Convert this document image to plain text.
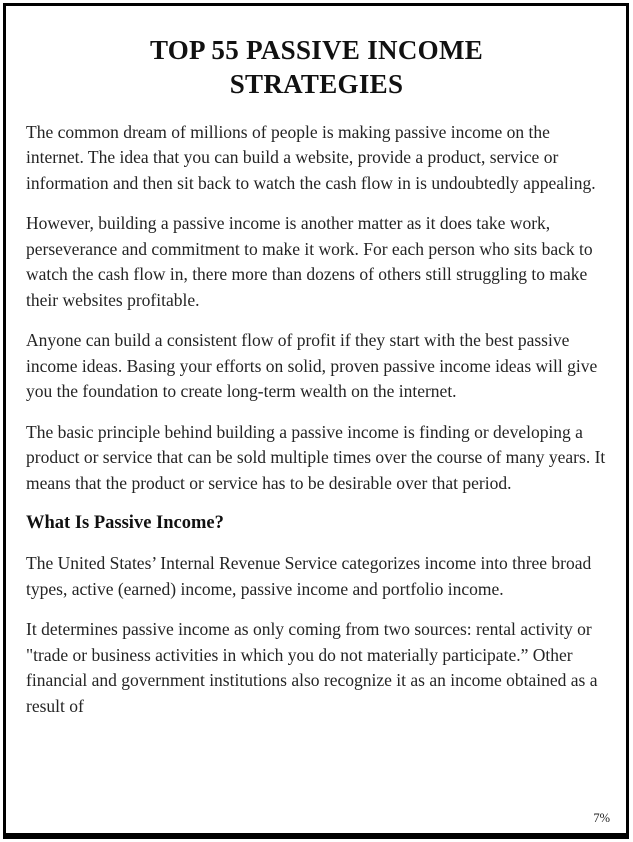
TOP 55 PASSIVE INCOME STRATEGIES

The common dream of millions of people is making passive income on the internet. The idea that you can build a website, provide a product, service or information and then sit back to watch the cash flow in is undoubtedly appealing.

However, building a passive income is another matter as it does take work, perseverance and commitment to make it work. For each person who sits back to watch the cash flow in, there more than dozens of others still struggling to make their websites profitable.

Anyone can build a consistent flow of profit if they start with the best passive income ideas. Basing your efforts on solid, proven passive income ideas will give you the foundation to create long-term wealth on the internet.

The basic principle behind building a passive income is finding or developing a product or service that can be sold multiple times over the course of many years. It means that the product or service has to be desirable over that period.

What Is Passive Income?

The United States’ Internal Revenue Service categorizes income into three broad types, active (earned) income, passive income and portfolio income.

It determines passive income as only coming from two sources: rental activity or "trade or business activities in which you do not materially participate.” Other financial and government institutions also recognize it as an income obtained as a result of

7%
